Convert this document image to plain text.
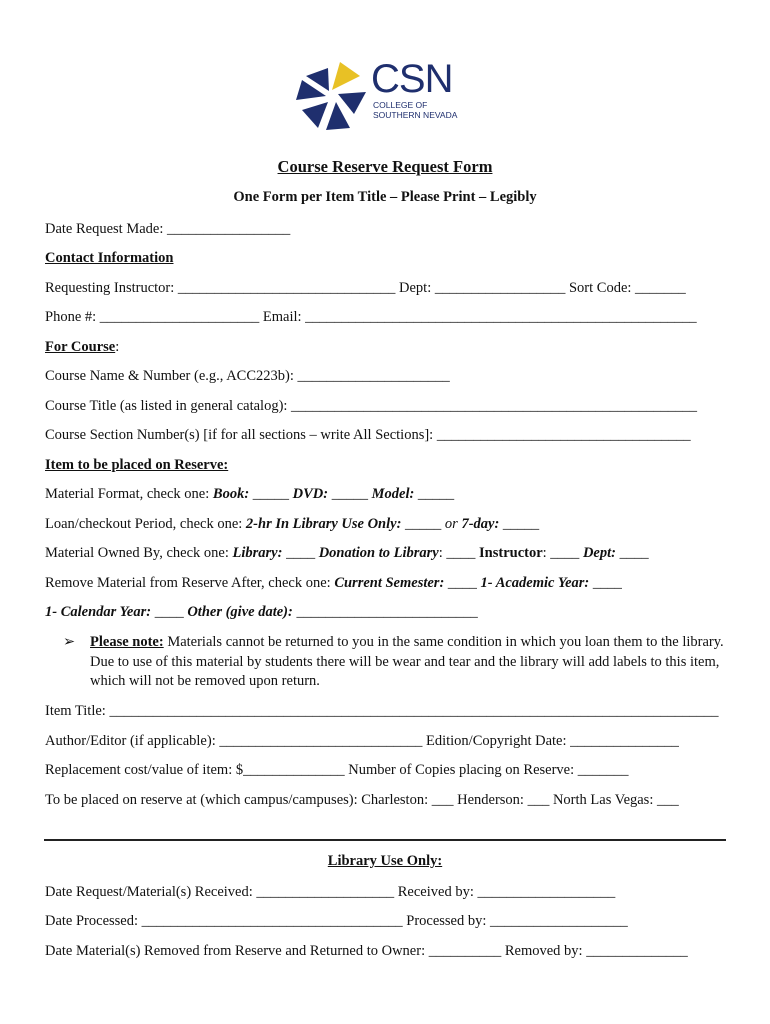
CSN
COLLEGE OF
SOUTHERN NEVADA
Course Reserve Request Form
One Form per Item Title – Please Print – Legibly
Date Request Made: _________________
Contact Information
Requesting Instructor: ______________________________ Dept: __________________ Sort Code: _______
Phone #: ______________________ Email: ______________________________________________________
For Course:
Course Name & Number (e.g., ACC223b): _____________________
Course Title (as listed in general catalog): ________________________________________________________
Course Section Number(s) [if for all sections – write All Sections]: ___________________________________
Item to be placed on Reserve:
Material Format, check one: Book: _____ DVD: _____ Model: _____
Loan/checkout Period, check one: 2-hr In Library Use Only: _____ or 7-day: _____
Material Owned By, check one: Library: ____ Donation to Library: ____ Instructor: ____ Dept: ____
Remove Material from Reserve After, check one: Current Semester: ____ 1- Academic Year: ____
1- Calendar Year: ____ Other (give date): _________________________
➢ Please note: Materials cannot be returned to you in the same condition in which you loan them to the library. Due to use of this material by students there will be wear and tear and the library will add labels to this item, which will not be removed upon return.
Item Title: ____________________________________________________________________________________
Author/Editor (if applicable): ____________________________ Edition/Copyright Date: _______________
Replacement cost/value of item: $______________ Number of Copies placing on Reserve: _______
To be placed on reserve at (which campus/campuses): Charleston: ___ Henderson: ___ North Las Vegas: ___
Library Use Only:
Date Request/Material(s) Received: ___________________ Received by: ___________________
Date Processed: ____________________________________ Processed by: ___________________
Date Material(s) Removed from Reserve and Returned to Owner: __________ Removed by: ______________
